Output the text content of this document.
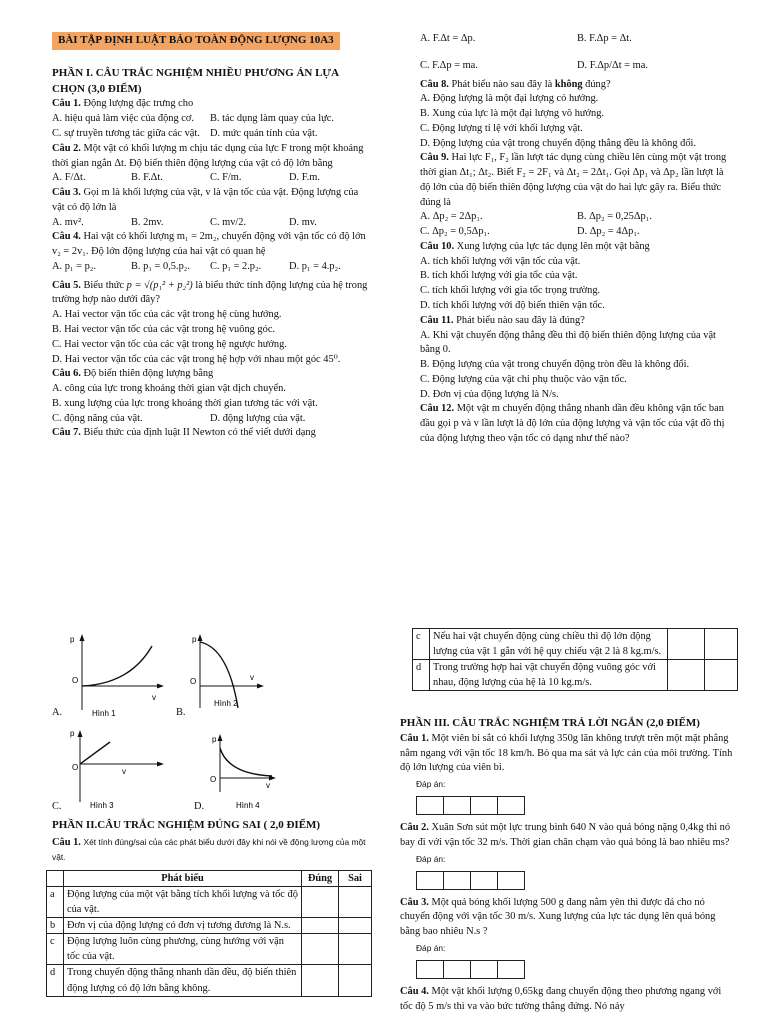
BÀI TẬP ĐỊNH LUẬT BẢO TOÀN ĐỘNG LƯỢNG 10A3

PHẦN I. CÂU TRẮC NGHIỆM NHIỀU PHƯƠNG ÁN LỰA CHỌN (3,0 ĐIỂM)

Câu 1. Động lượng đặc trưng cho

A. hiệu quả làm việc của động cơ.	B. tác dụng làm quay của lực.
C. sự truyền tương tác giữa các vật. D. mức quán tính của vật.

Câu 2. Một vật có khối lượng m chịu tác dụng của lực F trong một khoảng thời gian ngắn Δt. Độ biến thiên động lượng của vật có độ lớn bằng

A. F/Δt.	B. F.Δt.	C. F/m.	D. F.m.

Câu 3. Gọi m là khối lượng của vật, v là vận tốc của vật. Động lượng của vật có độ lớn là

A. mv².	B. 2mv.	C. mv/2.	D. mv.

Câu 4. Hai vật có khối lượng m₁ = 2m₂, chuyển động với vận tốc có độ lớn v₂ = 2v₁. Độ lớn động lượng của hai vật có quan hệ

A. p₁ = p₂.	B. p₁ = 0,5.p₂.	C. p₁ = 2.p₂.	D. p₁ = 4.p₂.

Câu 5. Biểu thức p = √(p₁² + p₂²) là biểu thức tính động lượng của hệ trong trường hợp nào dưới đây?

A. Hai vector vận tốc của các vật trong hệ cùng hướng.

B. Hai vector vận tốc của các vật trong hệ vuông góc.

C. Hai vector vận tốc của các vật trong hệ ngược hướng.

D. Hai vector vận tốc của các vật trong hệ hợp với nhau một góc 45⁰.

Câu 6. Độ biến thiên động lượng bằng

A. công của lực trong khoảng thời gian vật dịch chuyển.

B. xung lượng của lực trong khoảng thời gian tương tác với vật.

C. động năng của vật.	D. động lượng của vật.

Câu 7. Biểu thức của định luật II Newton có thể viết dưới dạng

A. F.Δt = Δp.	B. F.Δp = Δt.
C. F.Δp = ma.	D. F.Δp/Δt = ma.

Câu 8. Phát biểu nào sau đây là không đúng?

A. Động lượng là một đại lượng có hướng.

B. Xung của lực là một đại lượng vô hướng.

C. Động lượng tỉ lệ với khối lượng vật.

D. Động lượng của vật trong chuyển động thẳng đều là không đổi.

Câu 9. Hai lực F₁, F₂ lần lượt tác dụng cùng chiều lên cùng một vật trong thời gian Δt₁; Δt₂. Biết F₂ = 2F₁ và Δt₂ = 2Δt₁. Gọi Δp₁ và Δp₂ lần lượt là độ lớn của độ biến thiên động lượng của vật do hai lực gây ra. Biểu thức đúng là

A. Δp₂ = 2Δp₁.	B. Δp₂ = 0,25Δp₁.
C. Δp₂ = 0,5Δp₁.	D. Δp₂ = 4Δp₁.

Câu 10. Xung lượng của lực tác dụng lên một vật bằng

A. tích khối lượng với vận tốc của vật.

B. tích khối lượng với gia tốc của vật.

C. tích khối lượng với gia tốc trọng trường.

D. tích khối lượng với độ biến thiên vận tốc.

Câu 11. Phát biểu nào sau đây là đúng?

A. Khi vật chuyển động thẳng đều thì độ biến thiên động lượng của vật bằng 0.

B. Động lượng của vật trong chuyển động tròn đều là không đổi.

C. Động lượng của vật chỉ phụ thuộc vào vận tốc.

D. Đơn vị của động lượng là N/s.

Câu 12. Một vật m chuyển động thẳng nhanh dần đều không vận tốc ban đầu gọi p và v lần lượt là độ lớn của động lượng và vận tốc của vật đồ thị của động lượng theo vận tốc có dạng như thế nào?

A.
p
O
v
Hình 1	B.
p
O	v
Hình 2
C.
p
O	v
Hình 3	D.
p
O
v
Hình 4

PHẦN II.CÂU TRẮC NGHIỆM ĐÚNG SAI ( 2,0 ĐIỂM)

Câu 1. Xét tính đúng/sai của các phát biểu dưới đây khi nói về động lượng của một vật.

	Phát biểu	Đúng	Sai
a	Động lượng của một vật bằng tích khối lượng và tốc độ của vật.		
b	Đơn vị của động lượng có đơn vị tương đương là N.s.		
c	Động lượng luôn cùng phương, cùng hướng với vận tốc của vật.		
d	Trong chuyển động thẳng nhanh dần đều, độ biến thiên động lượng có độ lớn bằng không.		
c	Nếu hai vật chuyển động cùng chiều thì độ lớn động lượng của vật 1 gắn với hệ quy chiếu vật 2 là 8 kg.m/s.		
d	Trong trường hợp hai vật chuyển động vuông góc với nhau, động lượng của hệ là 10 kg.m/s.		

PHẦN III. CÂU TRẮC NGHIỆM TRẢ LỜI NGẮN (2,0 ĐIỂM)

Câu 1. Một viên bi sắt có khối lượng 350g lăn không trượt trên một mặt phẳng nằm ngang với vận tốc 18 km/h. Bỏ qua ma sát và lực cản của môi trường. Tính độ lớn lượng của viên bi.

Đáp án:

Câu 2. Xuân Sơn sút một lực trung bình 640 N vào quả bóng nặng 0,4kg thì nó bay đi với vận tốc 32 m/s. Thời gian chân chạm vào quả bóng là bao nhiêu ms?

Đáp án:

Câu 3. Một quả bóng khối lượng 500 g đang nằm yên thì được đá cho nó chuyển động với vận tốc 30 m/s. Xung lượng của lực tác dụng lên quả bóng bằng bao nhiêu N.s ?

Đáp án:

Câu 4. Một vật khối lượng 0,65kg đang chuyển động theo phương ngang với tốc độ 5 m/s thì va vào bức tường thẳng đứng. Nó nảy
